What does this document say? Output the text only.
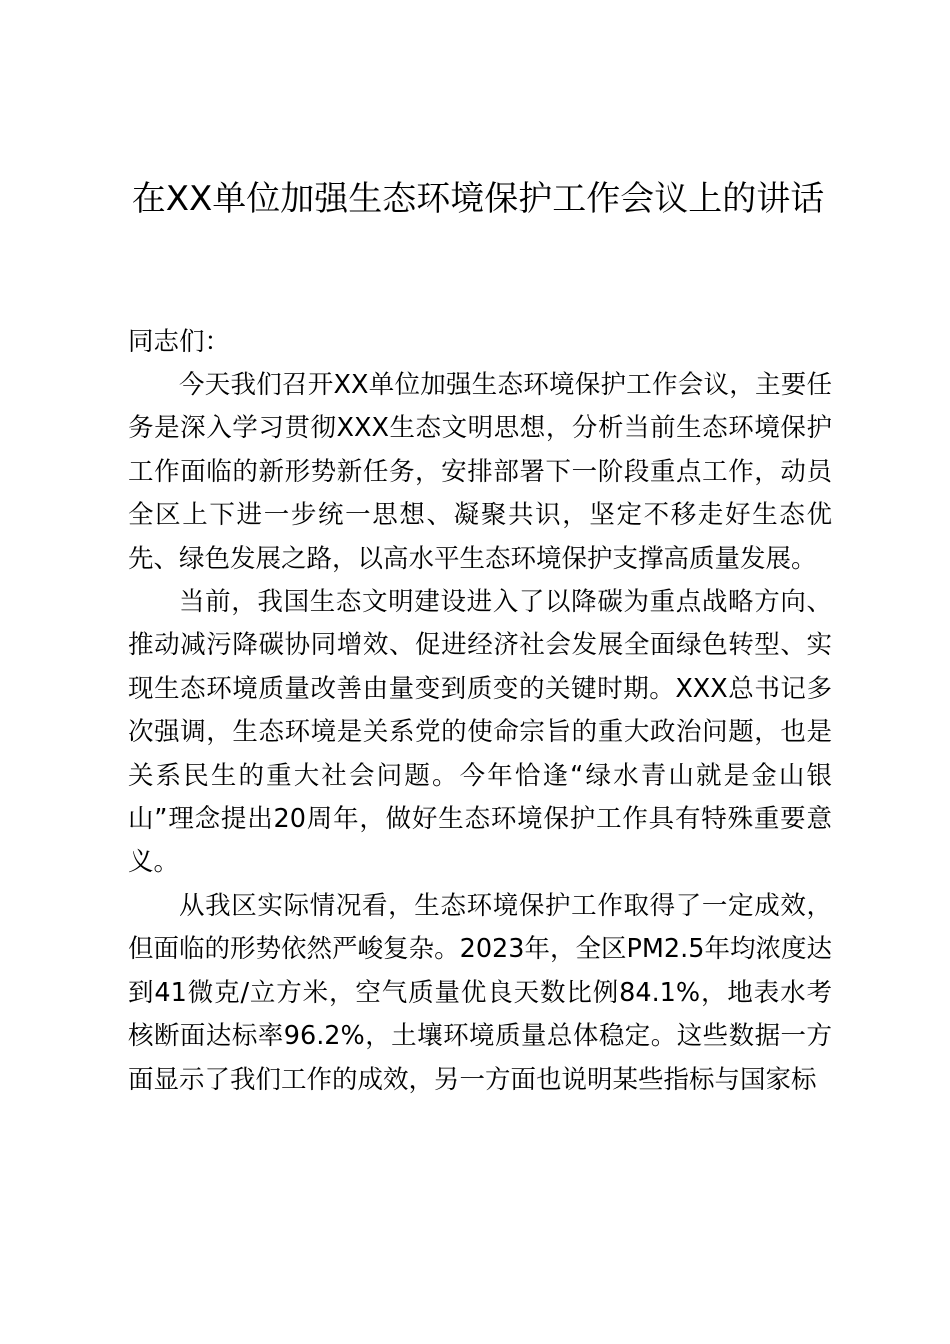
在XX单位加强生态环境保护工作会议上的讲话

同志们：

今天我们召开XX单位加强生态环境保护工作会议，主要任务是深入学习贯彻XXX生态文明思想，分析当前生态环境保护工作面临的新形势新任务，安排部署下一阶段重点工作，动员全区上下进一步统一思想、凝聚共识，坚定不移走好生态优先、绿色发展之路，以高水平生态环境保护支撑高质量发展。

当前，我国生态文明建设进入了以降碳为重点战略方向、推动减污降碳协同增效、促进经济社会发展全面绿色转型、实现生态环境质量改善由量变到质变的关键时期。XXX总书记多次强调，生态环境是关系党的使命宗旨的重大政治问题，也是关系民生的重大社会问题。今年恰逢“绿水青山就是金山银山”理念提出20周年，做好生态环境保护工作具有特殊重要意义。

从我区实际情况看，生态环境保护工作取得了一定成效，但面临的形势依然严峻复杂。2023年，全区PM2.5年均浓度达到41微克/立方米，空气质量优良天数比例84.1%，地表水考核断面达标率96.2%，土壤环境质量总体稳定。这些数据一方面显示了我们工作的成效，另一方面也说明某些指标与国家标
